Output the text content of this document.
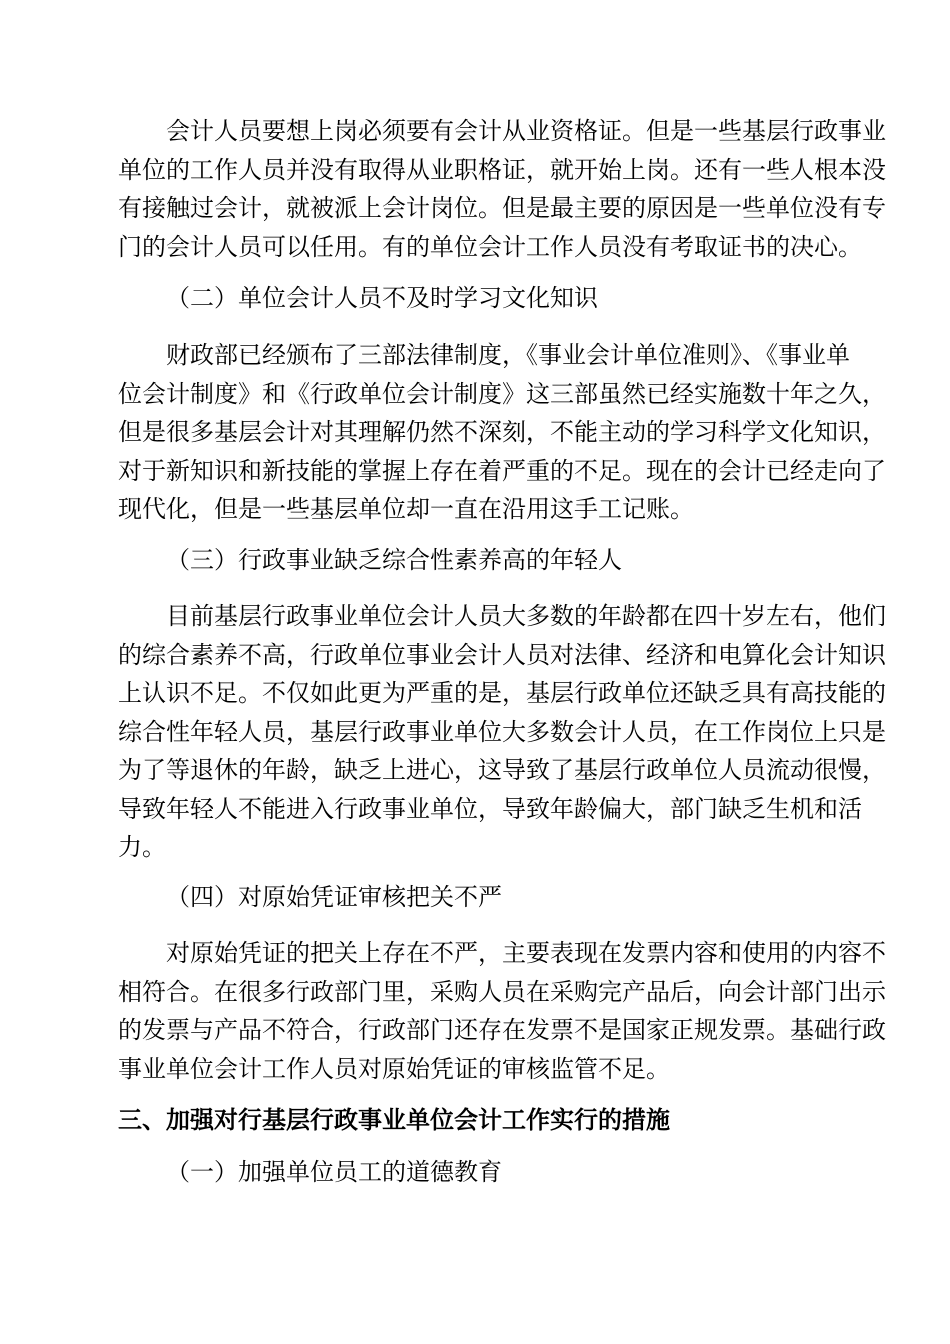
会计人员要想上岗必须要有会计从业资格证。但是一些基层行政事业
单位的工作人员并没有取得从业职格证，就开始上岗。还有一些人根本没
有接触过会计，就被派上会计岗位。但是最主要的原因是一些单位没有专
门的会计人员可以任用。有的单位会计工作人员没有考取证书的决心。
（二）单位会计人员不及时学习文化知识
财政部已经颁布了三部法律制度，《事业会计单位准则》、《事业单
位会计制度》和《行政单位会计制度》这三部虽然已经实施数十年之久，
但是很多基层会计对其理解仍然不深刻，不能主动的学习科学文化知识，
对于新知识和新技能的掌握上存在着严重的不足。现在的会计已经走向了
现代化，但是一些基层单位却一直在沿用这手工记账。
（三）行政事业缺乏综合性素养高的年轻人
目前基层行政事业单位会计人员大多数的年龄都在四十岁左右，他们
的综合素养不高，行政单位事业会计人员对法律、经济和电算化会计知识
上认识不足。不仅如此更为严重的是，基层行政单位还缺乏具有高技能的
综合性年轻人员，基层行政事业单位大多数会计人员，在工作岗位上只是
为了等退休的年龄，缺乏上进心，这导致了基层行政单位人员流动很慢，
导致年轻人不能进入行政事业单位，导致年龄偏大，部门缺乏生机和活
力。
（四）对原始凭证审核把关不严
对原始凭证的把关上存在不严，主要表现在发票内容和使用的内容不
相符合。在很多行政部门里，采购人员在采购完产品后，向会计部门出示
的发票与产品不符合，行政部门还存在发票不是国家正规发票。基础行政
事业单位会计工作人员对原始凭证的审核监管不足。
三、加强对行基层行政事业单位会计工作实行的措施
（一）加强单位员工的道德教育
